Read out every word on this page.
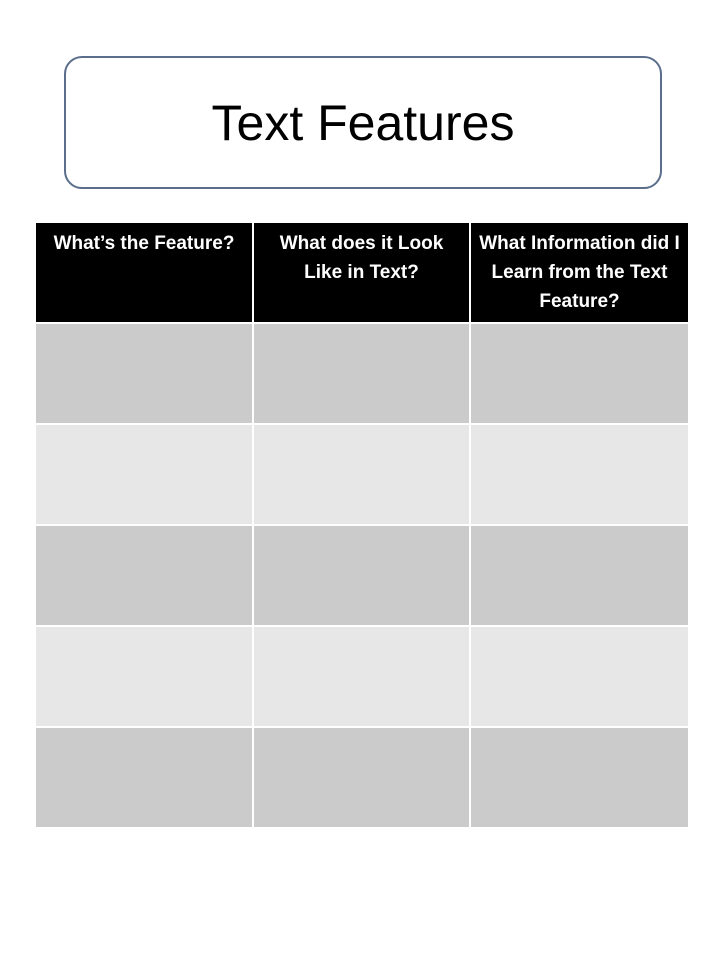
Text Features
What’s the Feature?	What does it Look Like in Text?	What Information did I Learn from the Text Feature?
